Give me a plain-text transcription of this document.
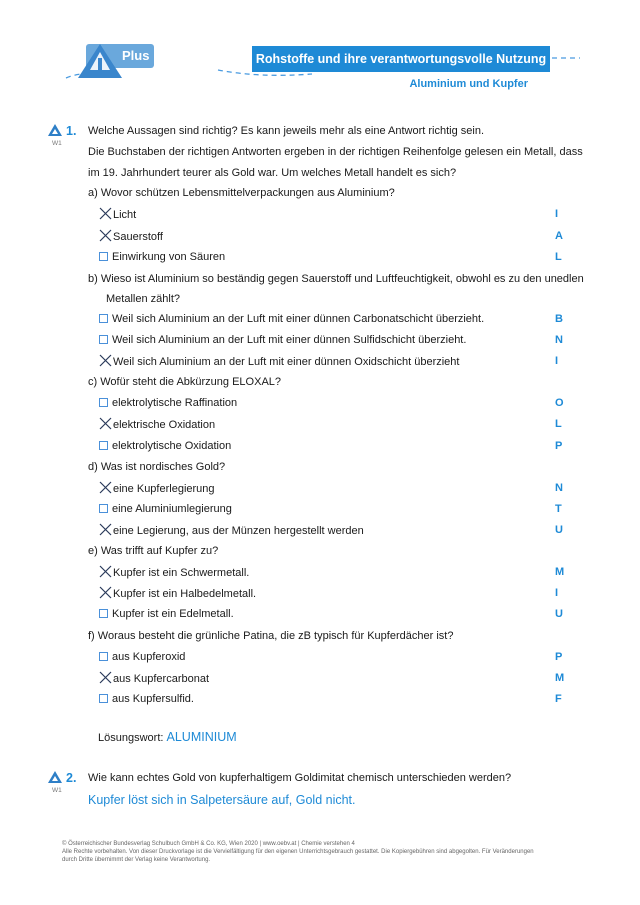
Plus	Rohstoffe und ihre verantwortungsvolle Nutzung
Aluminium und Kupfer
1.
W1
Welche Aussagen sind richtig? Es kann jeweils mehr als eine Antwort richtig sein.
Die Buchstaben der richtigen Antworten ergeben in der richtigen Reihenfolge gelesen ein Metall, dass
im 19. Jahrhundert teurer als Gold war. Um welches Metall handelt es sich?
a) Wovor schützen Lebensmittelverpackungen aus Aluminium?
Licht	I
Sauerstoff	A
Einwirkung von Säuren	L
Weil sich Aluminium an der Luft mit einer dünnen Carbonatschicht überzieht.	B
Weil sich Aluminium an der Luft mit einer dünnen Sulfidschicht überzieht.	N
Weil sich Aluminium an der Luft mit einer dünnen Oxidschicht überzieht	I
elektrolytische Raffination	O
elektrische Oxidation	L
elektrolytische Oxidation	P
eine Kupferlegierung	N
eine Aluminiumlegierung	T
eine Legierung, aus der Münzen hergestellt werden	U
Kupfer ist ein Schwermetall.	M
Kupfer ist ein Halbedelmetall.	I
Kupfer ist ein Edelmetall.	U
aus Kupferoxid	P
aus Kupfercarbonat	M
aus Kupfersulfid.	F
b) Wieso ist Aluminium so beständig gegen Sauerstoff und Luftfeuchtigkeit, obwohl es zu den unedlen
Metallen zählt?
c) Wofür steht die Abkürzung ELOXAL?
d) Was ist nordisches Gold?
e) Was trifft auf Kupfer zu?
f) Woraus besteht die grünliche Patina, die zB typisch für Kupferdächer ist?
Lösungswort: ALUMINIUM
2.
W1
Wie kann echtes Gold von kupferhaltigem Goldimitat chemisch unterschieden werden?
Kupfer löst sich in Salpetersäure auf, Gold nicht.
© Österreichischer Bundesverlag Schulbuch GmbH & Co. KG, Wien 2020 | www.oebv.at | Chemie verstehen 4
Alle Rechte vorbehalten. Von dieser Druckvorlage ist die Vervielfältigung für den eigenen Unterrichtsgebrauch gestattet. Die Kopiergebühren sind abgegolten. Für Veränderungen
durch Dritte übernimmt der Verlag keine Verantwortung.
